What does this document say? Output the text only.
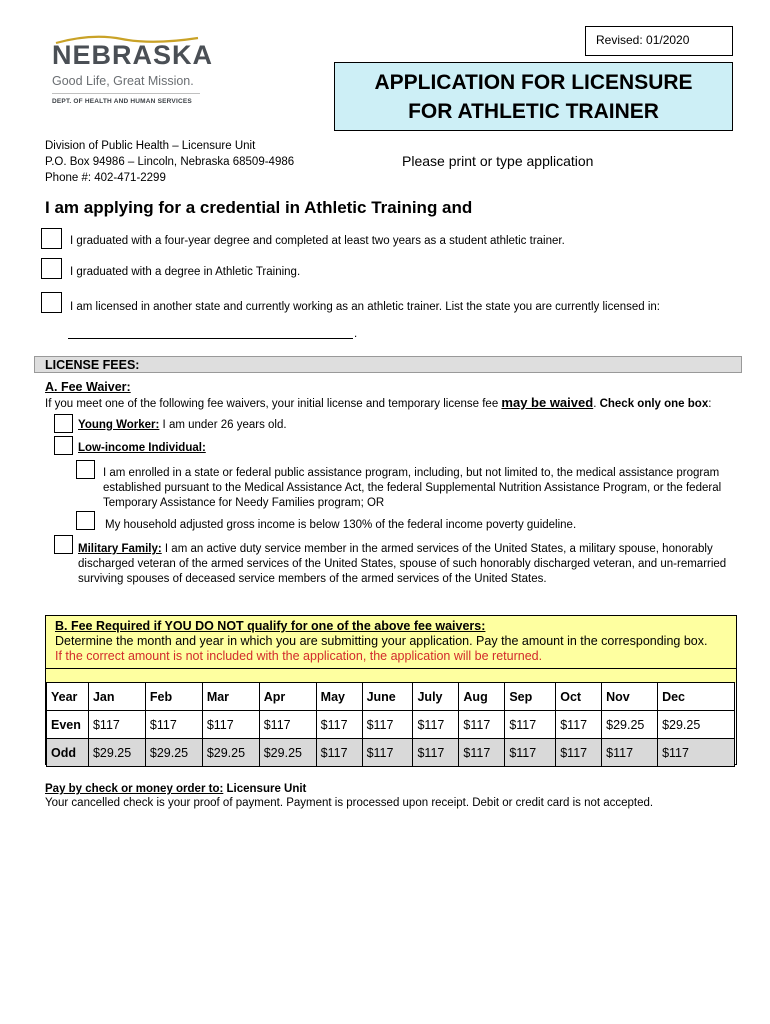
NEBRASKA
Good Life, Great Mission.
DEPT. OF HEALTH AND HUMAN SERVICES
Revised: 01/2020
APPLICATION FOR LICENSURE
FOR ATHLETIC TRAINER
Division of Public Health – Licensure Unit
P.O. Box 94986 – Lincoln, Nebraska 68509-4986
Phone #: 402-471-2299
Please print or type application
I am applying for a credential in Athletic Training and
I graduated with a four-year degree and completed at least two years as a student athletic trainer.
I graduated with a degree in Athletic Training.
I am licensed in another state and currently working as an athletic trainer. List the state you are currently licensed in:
.
LICENSE FEES:
A. Fee Waiver:
If you meet one of the following fee waivers, your initial license and temporary license fee may be waived. Check only one box:
Young Worker: I am under 26 years old.
Low-income Individual:
I am enrolled in a state or federal public assistance program, including, but not limited to, the medical assistance program established pursuant to the Medical Assistance Act, the federal Supplemental Nutrition Assistance Program, or the federal Temporary Assistance for Needy Families program; OR
My household adjusted gross income is below 130% of the federal income poverty guideline.
Military Family: I am an active duty service member in the armed services of the United States, a military spouse, honorably discharged veteran of the armed services of the United States, spouse of such honorably discharged veteran, and un-remarried surviving spouses of deceased service members of the armed services of the United States.
B. Fee Required if YOU DO NOT qualify for one of the above fee waivers:
Determine the month and year in which you are submitting your application. Pay the amount in the corresponding box.
If the correct amount is not included with the application, the application will be returned.
Year	Jan	Feb	Mar	Apr	May	June	July	Aug	Sep	Oct	Nov	Dec
Even	$117	$117	$117	$117	$117	$117	$117	$117	$117	$117	$29.25	$29.25
Odd	$29.25	$29.25	$29.25	$29.25	$117	$117	$117	$117	$117	$117	$117	$117
Pay by check or money order to: Licensure Unit
Your cancelled check is your proof of payment. Payment is processed upon receipt. Debit or credit card is not accepted.
